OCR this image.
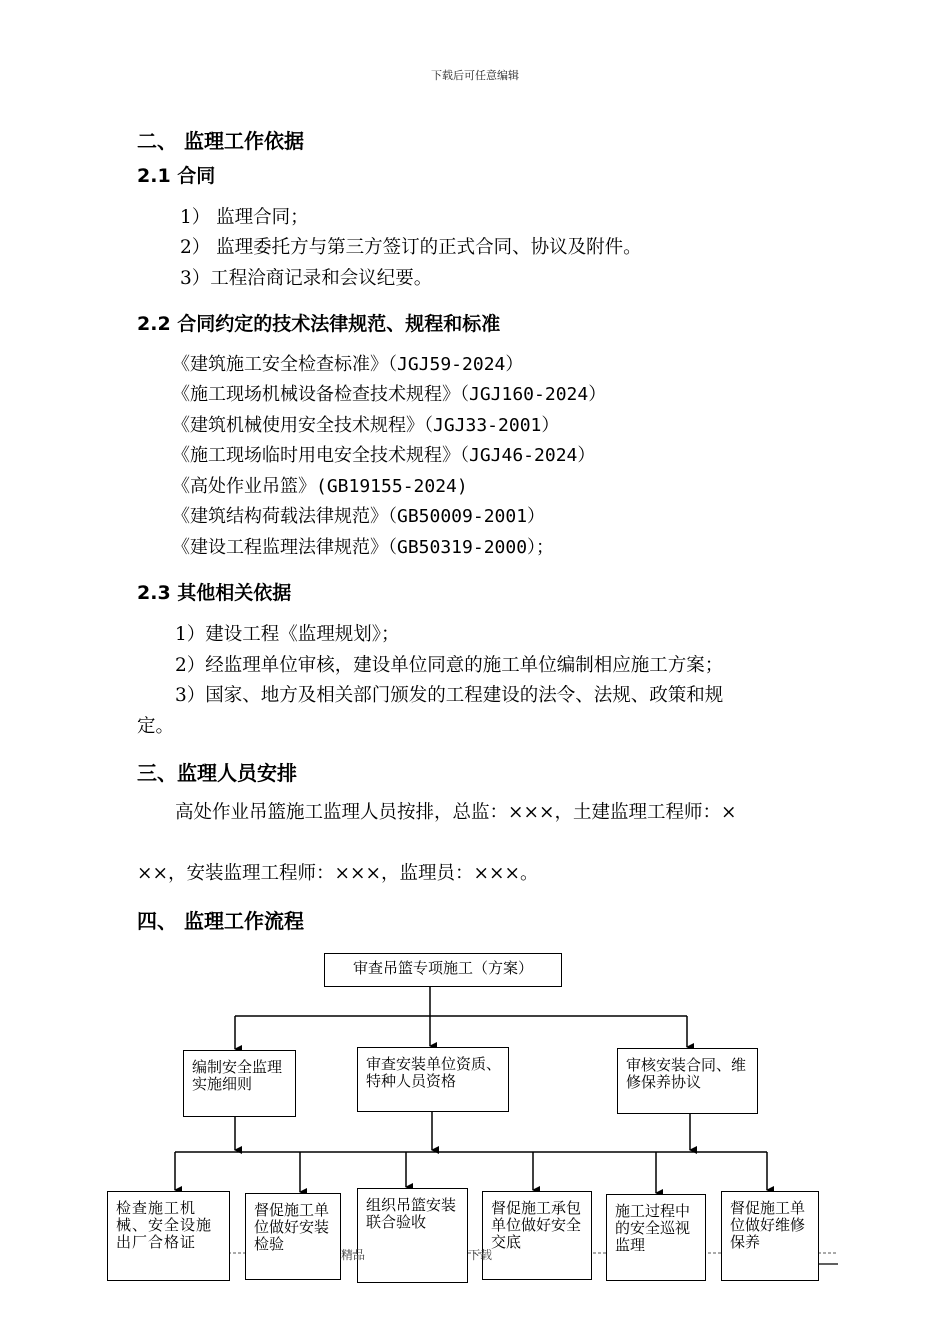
下载后可任意编辑
二、 监理工作依据
2.1 合同
1） 监理合同；
2） 监理委托方与第三方签订的正式合同、协议及附件。
3）工程洽商记录和会议纪要。
2.2 合同约定的技术法律规范、规程和标准
《建筑施工安全检查标准》（JGJ59-2024）
《施工现场机械设备检查技术规程》（JGJ160-2024）
《建筑机械使用安全技术规程》（JGJ33-2001）
《施工现场临时用电安全技术规程》（JGJ46-2024）
《高处作业吊篮》(GB19155-2024)
《建筑结构荷载法律规范》（GB50009-2001）
《建设工程监理法律规范》（GB50319-2000）；
2.3 其他相关依据
1）建设工程《监理规划》；
2）经监理单位审核，建设单位同意的施工单位编制相应施工方案；
3）国家、地方及相关部门颁发的工程建设的法令、法规、政策和规
定。
三、监理人员安排
高处作业吊篮施工监理人员按排，总监：×××，土建监理工程师：×
××，安装监理工程师：×××，监理员：×××。
四、 监理工作流程
审查吊篮专项施工（方案）
编制安全监理实施细则
审查安装单位资质、特种人员资格
审核安装合同、维修保养协议
检查施工机械、安全设施出厂合格证
督促施工单位做好安装检验
组织吊篮安装联合验收
督促施工承包单位做好安全交底
施工过程中的安全巡视监理
督促施工单位做好维修保养
精品	下载
